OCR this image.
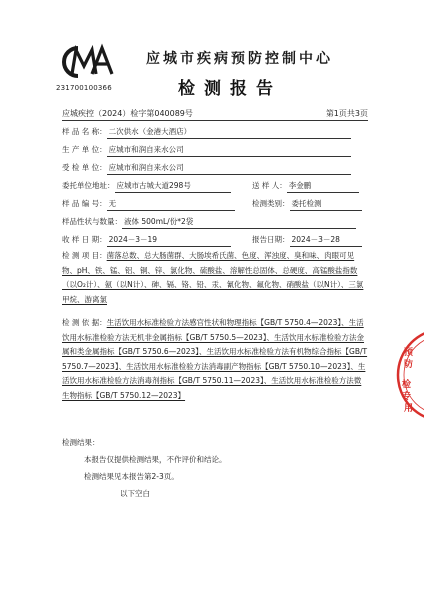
231700100366
应城市疾病预防控制中心
检测报告
应城疾控（2024）检字第040089号	第1页共3页
样 品 名 称： 二次供水（金港大酒店）
生 产 单 位： 应城市和润自来水公司
受 检 单 位： 应城市和润自来水公司
委托单位地址： 应城市古城大道298号	送 样 人： 李金鹏
样 品 编 号： 无	检测类别： 委托检测
样品性状与数量： 液体 500mL/份*2袋
收 样 日 期： 2024－3－19	报告日期： 2024－3－28
检 测 项 目：菌落总数、总大肠菌群、大肠埃希氏菌、色度、浑浊度、臭和味、肉眼可见物、pH、铁、锰、铝、铜、锌、氯化物、硫酸盐、溶解性总固体、总硬度、高锰酸盐指数（以O₂计）、氨（以N计）、砷、镉、铬、铅、汞、氰化物、氟化物、硝酸盐（以N计）、三氯甲烷、游离氯
检 测 依 据：生活饮用水标准检验方法感官性状和物理指标【GB/T 5750.4—2023】、生活饮用水标准检验方法无机非金属指标【GB/T 5750.5—2023】、生活饮用水标准检验方法金属和类金属指标【GB/T 5750.6—2023】、生活饮用水标准检验方法有机物综合指标【GB/T 5750.7—2023】、生活饮用水标准检验方法消毒副产物指标【GB/T 5750.10—2023】、生活饮用水标准检验方法消毒剂指标【GB/T 5750.11—2023】、生活饮用水标准检验方法微生物指标【GB/T 5750.12—2023】
检测结果：
本报告仅提供检测结果，不作评价和结论。
检测结果见本报告第2-3页。
以下空白
预
防
检
专
用
